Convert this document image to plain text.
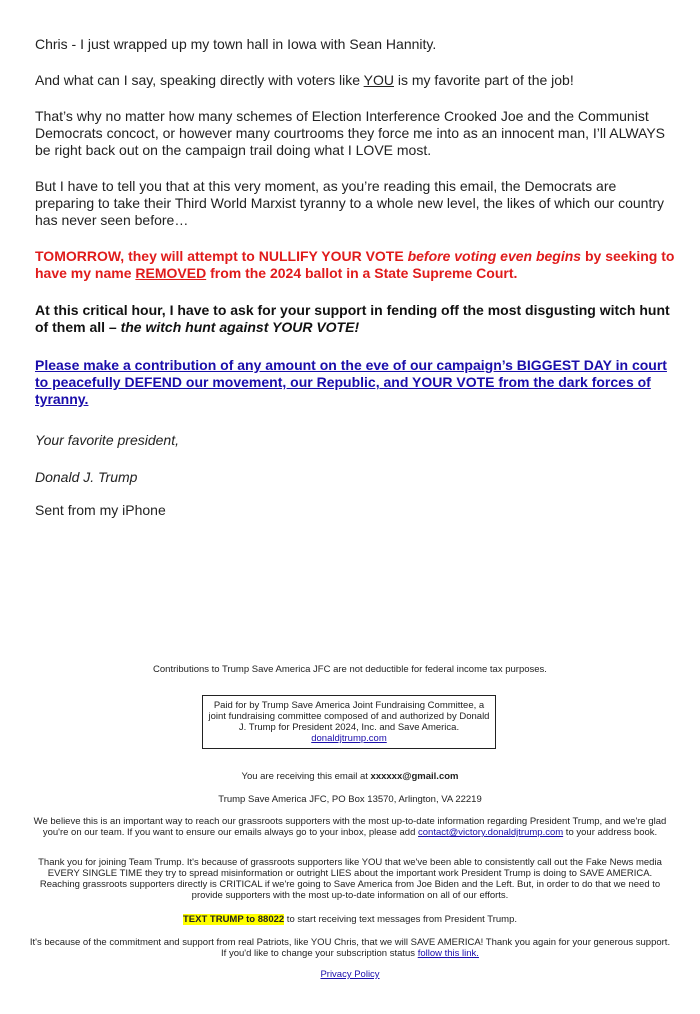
Chris - I just wrapped up my town hall in Iowa with Sean Hannity.

And what can I say, speaking directly with voters like YOU is my favorite part of the job!

That’s why no matter how many schemes of Election Interference Crooked Joe and the Communist Democrats concoct, or however many courtrooms they force me into as an innocent man, I’ll ALWAYS be right back out on the campaign trail doing what I LOVE most.

But I have to tell you that at this very moment, as you’re reading this email, the Democrats are preparing to take their Third World Marxist tyranny to a whole new level, the likes of which our country has never seen before…

TOMORROW, they will attempt to NULLIFY YOUR VOTE before voting even begins by seeking to have my name REMOVED from the 2024 ballot in a State Supreme Court.

At this critical hour, I have to ask for your support in fending off the most disgusting witch hunt of them all – the witch hunt against YOUR VOTE!

Please make a contribution of any amount on the eve of our campaign’s BIGGEST DAY in court to peacefully DEFEND our movement, our Republic, and YOUR VOTE from the dark forces of tyranny.

Your favorite president,

Donald J. Trump

Sent from my iPhone

Contributions to Trump Save America JFC are not deductible for federal income tax purposes.
Paid for by Trump Save America Joint Fundraising Committee, a joint fundraising committee composed of and authorized by Donald J. Trump for President 2024, Inc. and Save America.
donaldjtrump.com
You are receiving this email at xxxxxx@gmail.com
Trump Save America JFC, PO Box 13570, Arlington, VA 22219
We believe this is an important way to reach our grassroots supporters with the most up-to-date information regarding President Trump, and we're glad you're on our team. If you want to ensure our emails always go to your inbox, please add contact@victory.donaldjtrump.com to your address book.
Thank you for joining Team Trump. It's because of grassroots supporters like YOU that we've been able to consistently call out the Fake News media EVERY SINGLE TIME they try to spread misinformation or outright LIES about the important work President Trump is doing to SAVE AMERICA. Reaching grassroots supporters directly is CRITICAL if we're going to Save America from Joe Biden and the Left. But, in order to do that we need to provide supporters with the most up-to-date information on all of our efforts.
TEXT TRUMP to 88022 to start receiving text messages from President Trump.
It's because of the commitment and support from real Patriots, like YOU Chris, that we will SAVE AMERICA! Thank you again for your generous support. If you'd like to change your subscription status follow this link.
Privacy Policy
